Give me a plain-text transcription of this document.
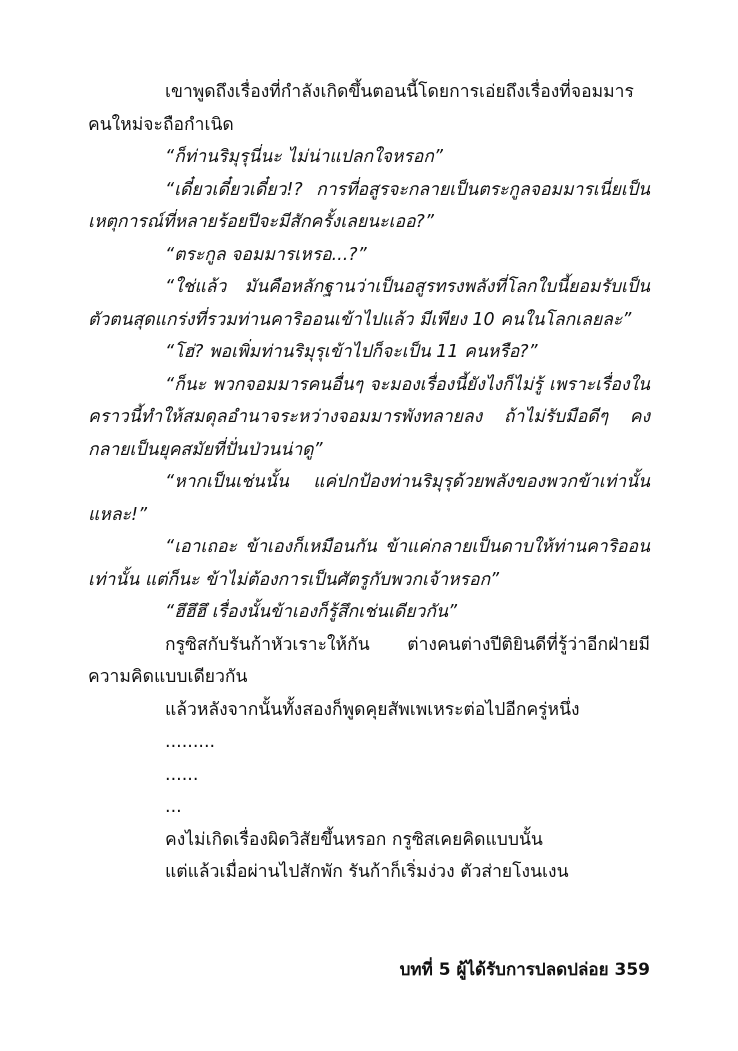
เขาพูดถึงเรื่องที่กำลังเกิดขึ้นตอนนี้โดยการเอ่ยถึงเรื่องที่จอมมารคนใหม่จะถือกำเนิด

“ก็ท่านริมุรุนี่นะ ไม่น่าแปลกใจหรอก”

“เดี๋ยวเดี๋ยวเดี๋ยว!? การที่อสูรจะกลายเป็นตระกูลจอมมารเนี่ยเป็นเหตุการณ์ที่หลายร้อยปีจะมีสักครั้งเลยนะเออ?”

“ตระกูล จอมมารเหรอ...?”

“ใช่แล้ว มันคือหลักฐานว่าเป็นอสูรทรงพลังที่โลกใบนี้ยอมรับเป็นตัวตนสุดแกร่งที่รวมท่านคาริออนเข้าไปแล้ว มีเพียง 10 คนในโลกเลยละ”

“โฮ่? พอเพิ่มท่านริมุรุเข้าไปก็จะเป็น 11 คนหรือ?”

“ก็นะ พวกจอมมารคนอื่นๆ จะมองเรื่องนี้ยังไงก็ไม่รู้ เพราะเรื่องในคราวนี้ทำให้สมดุลอำนาจระหว่างจอมมารพังทลายลง ถ้าไม่รับมือดีๆ คงกลายเป็นยุคสมัยที่ปั่นป่วนน่าดู”

“หากเป็นเช่นนั้น แค่ปกป้องท่านริมุรุด้วยพลังของพวกข้าเท่านั้นแหละ!”

“เอาเถอะ ข้าเองก็เหมือนกัน ข้าแค่กลายเป็นดาบให้ท่านคาริออนเท่านั้น แต่ก็นะ ข้าไม่ต้องการเป็นศัตรูกับพวกเจ้าหรอก”

“ฮึฮึฮึ เรื่องนั้นข้าเองก็รู้สึกเช่นเดียวกัน”

กรูซิสกับรันก้าหัวเราะให้กัน ต่างคนต่างปีติยินดีที่รู้ว่าอีกฝ่ายมีความคิดแบบเดียวกัน

แล้วหลังจากนั้นทั้งสองก็พูดคุยสัพเพเหระต่อไปอีกครู่หนึ่ง

.........

......

...

คงไม่เกิดเรื่องผิดวิสัยขึ้นหรอก กรูซิสเคยคิดแบบนั้น

แต่แล้วเมื่อผ่านไปสักพัก รันก้าก็เริ่มง่วง ตัวส่ายโงนเงน

บทที่ 5 ผู้ได้รับการปลดปล่อย 359
